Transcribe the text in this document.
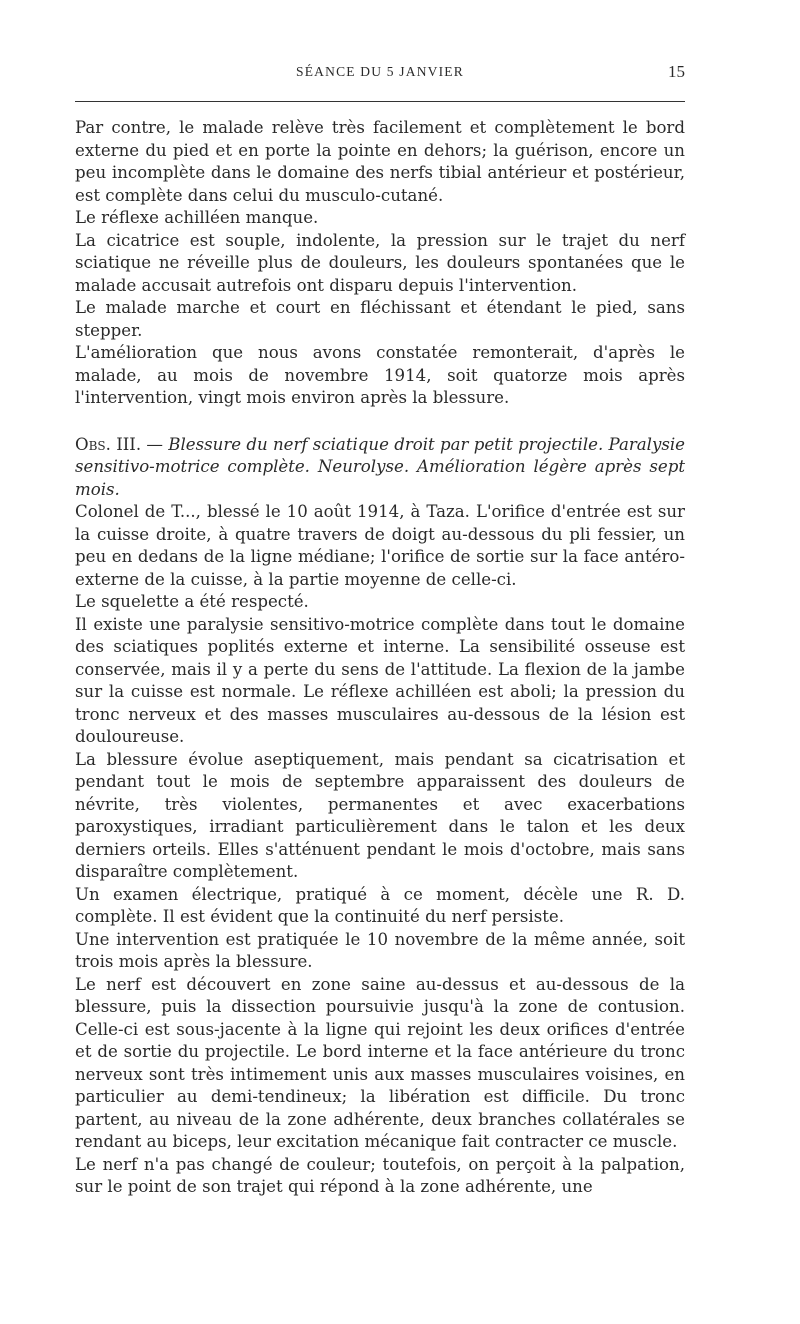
SÉANCE DU 5 JANVIER	15

Par contre, le malade relève très facilement et complètement le bord externe du pied et en porte la pointe en dehors; la guérison, encore un peu incomplète dans le domaine des nerfs tibial antérieur et postérieur, est complète dans celui du musculo-cutané.

Le réflexe achilléen manque.

La cicatrice est souple, indolente, la pression sur le trajet du nerf sciatique ne réveille plus de douleurs, les douleurs spontanées que le malade accusait autrefois ont disparu depuis l'intervention.

Le malade marche et court en fléchissant et étendant le pied, sans stepper.

L'amélioration que nous avons constatée remonterait, d'après le malade, au mois de novembre 1914, soit quatorze mois après l'intervention, vingt mois environ après la blessure.

Obs. III. — Blessure du nerf sciatique droit par petit projectile. Paralysie sensitivo-motrice complète. Neurolyse. Amélioration légère après sept mois.

Colonel de T..., blessé le 10 août 1914, à Taza. L'orifice d'entrée est sur la cuisse droite, à quatre travers de doigt au-dessous du pli fessier, un peu en dedans de la ligne médiane; l'orifice de sortie sur la face antéro-externe de la cuisse, à la partie moyenne de celle-ci.

Le squelette a été respecté.

Il existe une paralysie sensitivo-motrice complète dans tout le domaine des sciatiques poplités externe et interne. La sensibilité osseuse est conservée, mais il y a perte du sens de l'attitude. La flexion de la jambe sur la cuisse est normale. Le réflexe achilléen est aboli; la pression du tronc nerveux et des masses musculaires au-dessous de la lésion est douloureuse.

La blessure évolue aseptiquement, mais pendant sa cicatrisation et pendant tout le mois de septembre apparaissent des douleurs de névrite, très violentes, permanentes et avec exacerbations paroxystiques, irradiant particulièrement dans le talon et les deux derniers orteils. Elles s'atténuent pendant le mois d'octobre, mais sans disparaître complètement.

Un examen électrique, pratiqué à ce moment, décèle une R. D. complète. Il est évident que la continuité du nerf persiste.

Une intervention est pratiquée le 10 novembre de la même année, soit trois mois après la blessure.

Le nerf est découvert en zone saine au-dessus et au-dessous de la blessure, puis la dissection poursuivie jusqu'à la zone de contusion. Celle-ci est sous-jacente à la ligne qui rejoint les deux orifices d'entrée et de sortie du projectile. Le bord interne et la face antérieure du tronc nerveux sont très intimement unis aux masses musculaires voisines, en particulier au demi-tendineux; la libération est difficile. Du tronc partent, au niveau de la zone adhérente, deux branches collatérales se rendant au biceps, leur excitation mécanique fait contracter ce muscle.

Le nerf n'a pas changé de couleur; toutefois, on perçoit à la palpation, sur le point de son trajet qui répond à la zone adhérente, une
